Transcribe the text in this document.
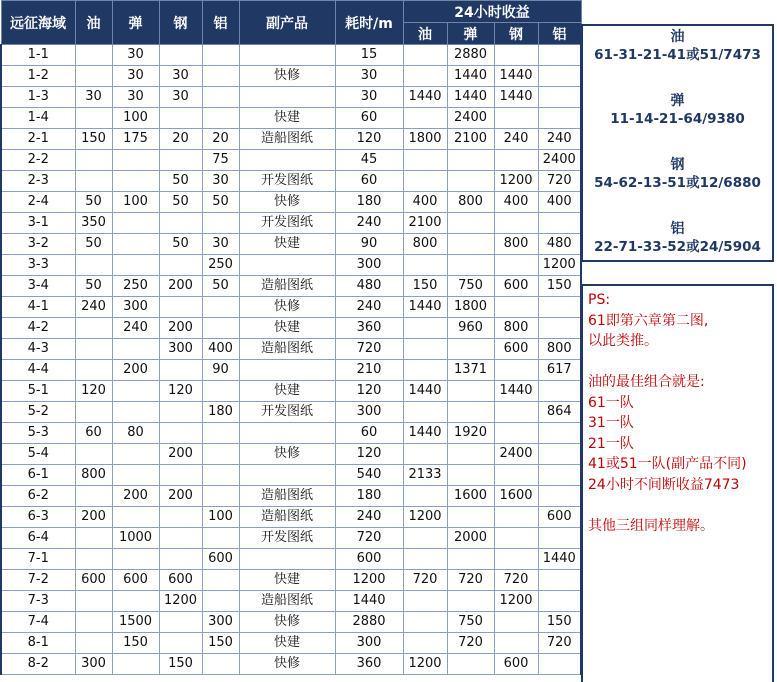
远征海域	油	弹	钢	铝	副产品	耗时/m	24小时收益			
							油	弹	钢	铝
1-1		30				15		2880		
1-2		30	30		快修	30		1440	1440	
1-3	30	30	30			30	1440	1440	1440	
1-4		100			快建	60		2400		
2-1	150	175	20	20	造船图纸	120	1800	2100	240	240
2-2				75		45				2400
2-3			50	30	开发图纸	60			1200	720
2-4	50	100	50	50	快修	180	400	800	400	400
3-1	350				开发图纸	240	2100			
3-2	50		50	30	快建	90	800		800	480
3-3				250		300				1200
3-4	50	250	200	50	造船图纸	480	150	750	600	150
4-1	240	300			快修	240	1440	1800		
4-2		240	200		快建	360		960	800	
4-3			300	400	造船图纸	720			600	800
4-4		200		90		210		1371		617
5-1	120		120		快建	120	1440		1440	
5-2				180	开发图纸	300				864
5-3	60	80				60	1440	1920		
5-4			200		快修	120			2400	
6-1	800					540	2133			
6-2		200	200		造船图纸	180		1600	1600	
6-3	200			100	造船图纸	240	1200			600
6-4		1000			开发图纸	720		2000		
7-1				600		600				1440
7-2	600	600	600		快建	1200	720	720	720	
7-3			1200		造船图纸	1440			1200	
7-4		1500		300	快修	2880		750		150
8-1		150		150	快建	300		720		720
8-2	300		150		快修	360	1200		600	
油
61-31-21-41或51/7473
弹
11-14-21-64/9380
钢
54-62-13-51或12/6880
铝
22-71-33-52或24/5904
PS:
61即第六章第二图,
以此类推。
油的最佳组合就是:
61一队
31一队
21一队
41或51一队(副产品不同)
24小时不间断收益7473
其他三组同样理解。
